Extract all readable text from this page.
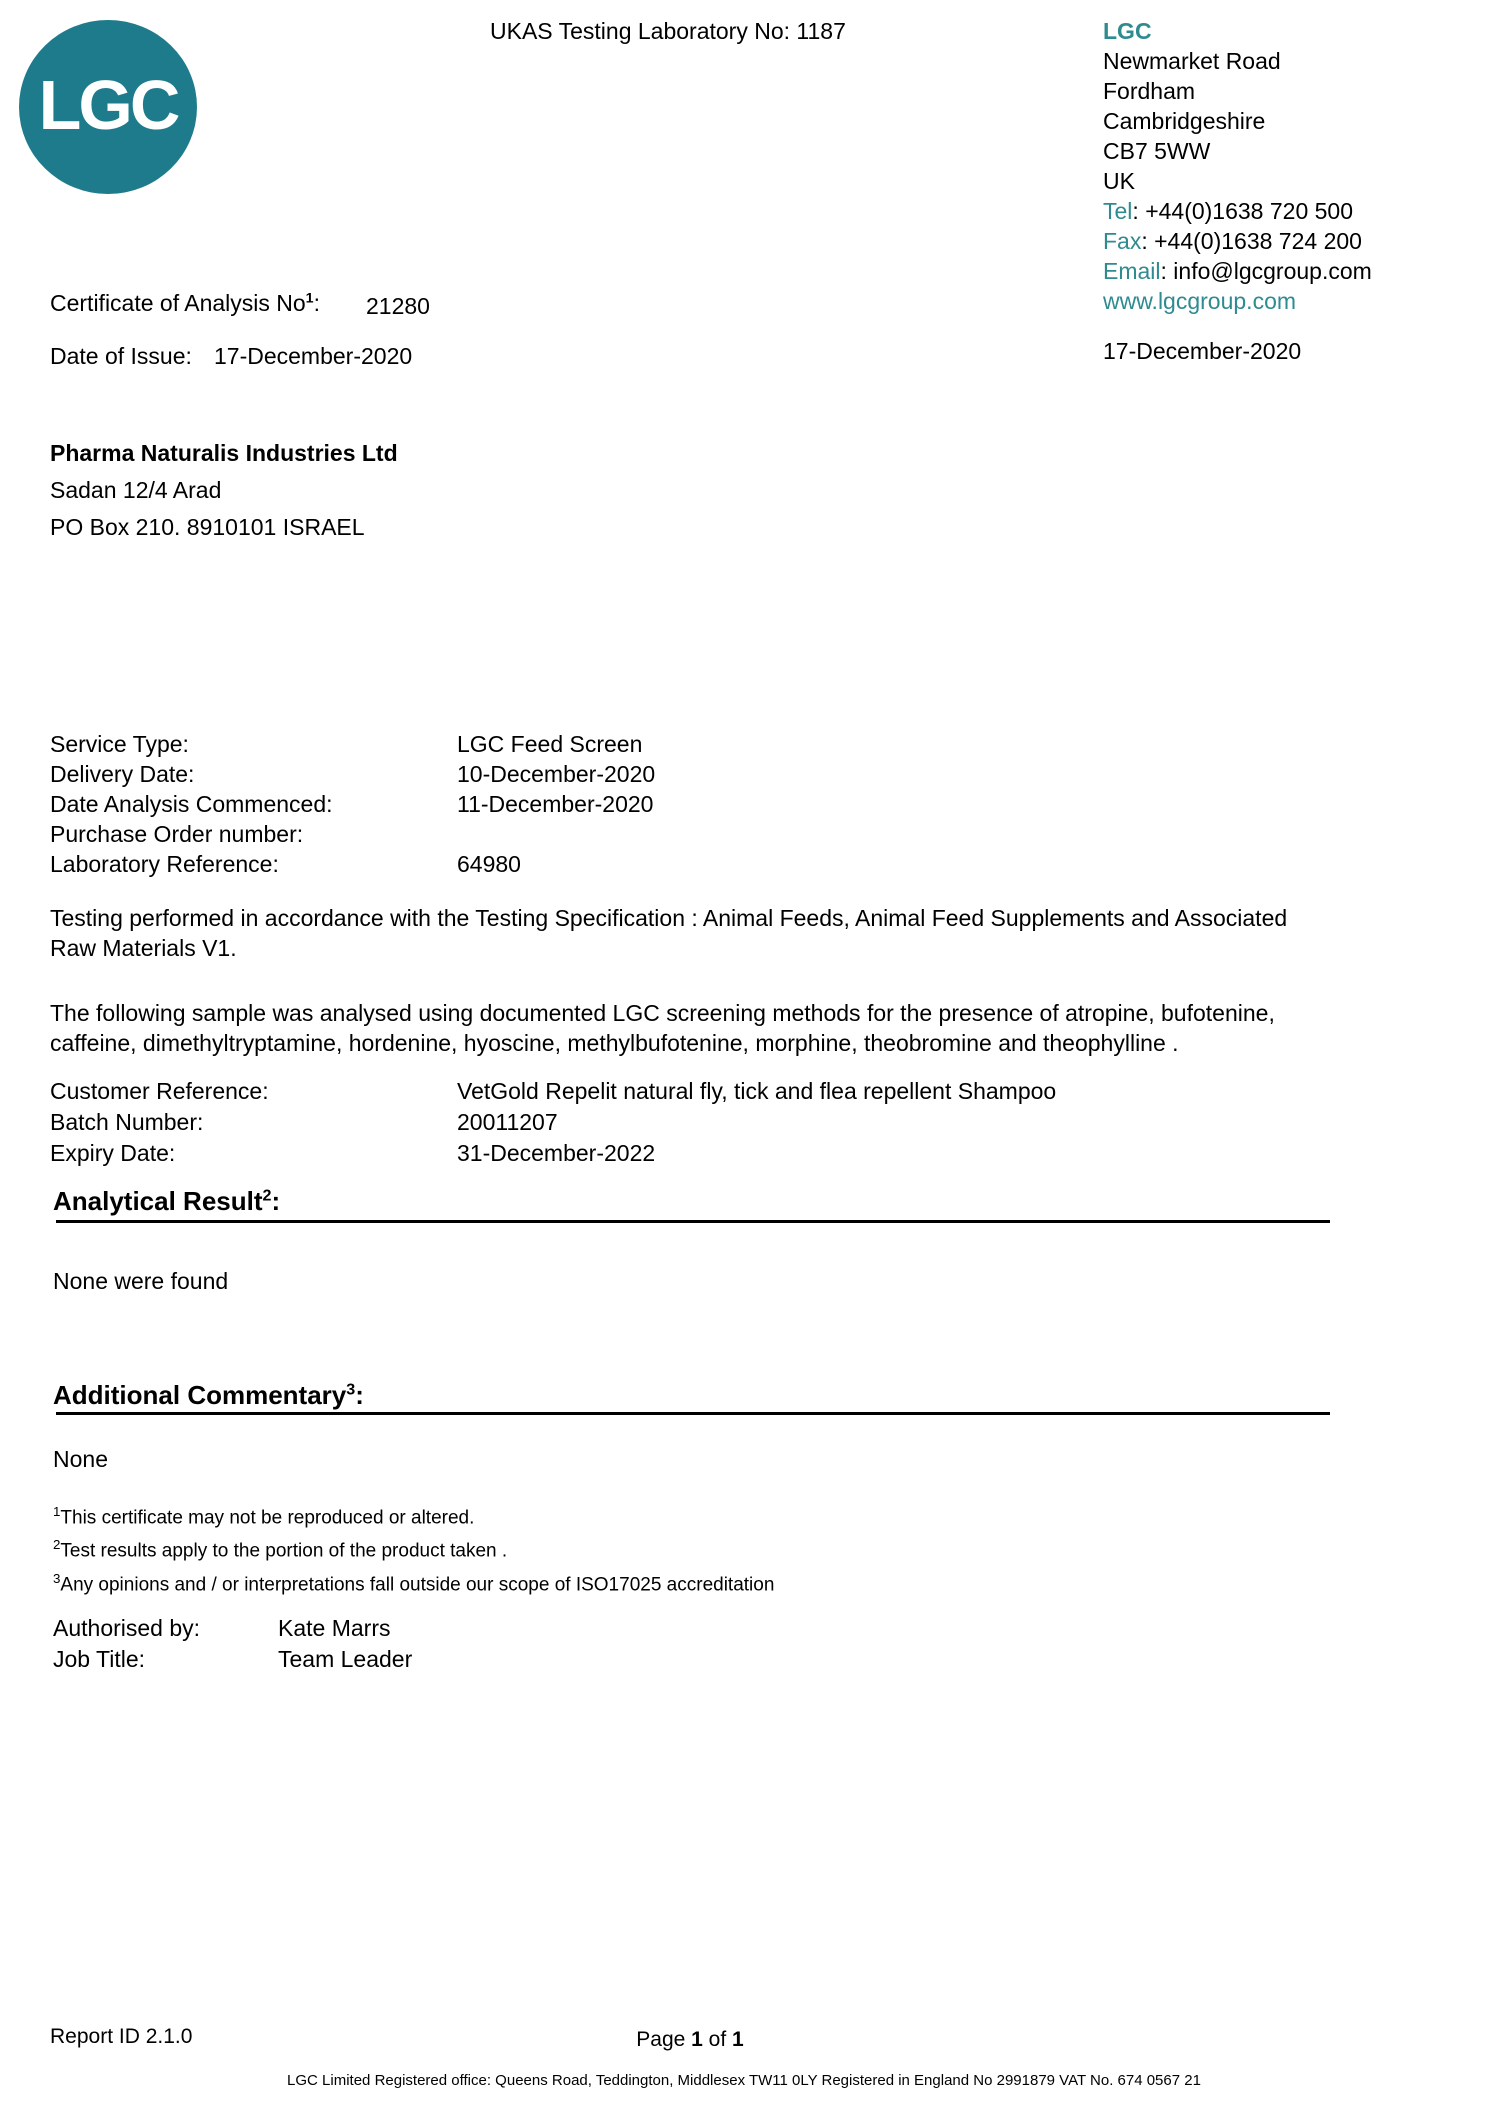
LGC
UKAS Testing Laboratory No: 1187	LGC
Newmarket Road
Fordham
Cambridgeshire
CB7 5WW
UK
Tel: +44(0)1638 720 500
Fax: +44(0)1638 724 200
Email: info@lgcgroup.com
www.lgcgroup.com
17-December-2020
Certificate of Analysis No$^1$: 21280
Date of Issue: 17-December-2020
Pharma Naturalis Industries Ltd
Sadan 12/4 Arad
PO Box 210. 8910101 ISRAEL
Service Type:	LGC Feed Screen
Delivery Date:	10-December-2020
Date Analysis Commenced:	11-December-2020
Purchase Order number:
Laboratory Reference:	64980
Testing performed in accordance with the Testing Specification : Animal Feeds, Animal Feed Supplements and Associated
Raw Materials V1.
The following sample was analysed using documented LGC screening methods for the presence of atropine, bufotenine,
caffeine, dimethyltryptamine, hordenine, hyoscine, methylbufotenine, morphine, theobromine and theophylline .
Customer Reference:	VetGold Repelit natural fly, tick and flea repellent Shampoo
Batch Number:	20011207
Expiry Date:	31-December-2022
Analytical Result$^2$:
None were found
Additional Commentary$^3$:
None
$^1$This certificate may not be reproduced or altered.
$^2$Test results apply to the portion of the product taken .
$^3$Any opinions and / or interpretations fall outside our scope of ISO17025 accreditation
Authorised by:	Kate Marrs
Job Title:	Team Leader
Report ID 2.1.0	Page 1 of 1
LGC Limited Registered office: Queens Road, Teddington, Middlesex TW11 0LY Registered in England No 2991879 VAT No. 674 0567 21
